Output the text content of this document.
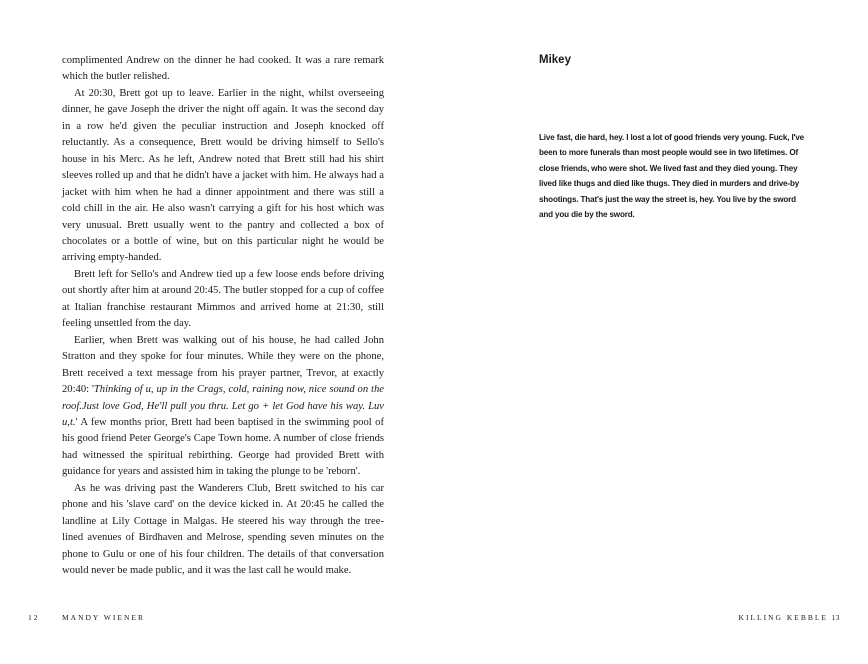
complimented Andrew on the dinner he had cooked. It was a rare remark which the butler relished.

At 20:30, Brett got up to leave. Earlier in the night, whilst overseeing dinner, he gave Joseph the driver the night off again. It was the second day in a row he'd given the peculiar instruction and Joseph knocked off reluctantly. As a consequence, Brett would be driving himself to Sello's house in his Merc. As he left, Andrew noted that Brett still had his shirt sleeves rolled up and that he didn't have a jacket with him. He always had a jacket with him when he had a dinner appointment and there was still a cold chill in the air. He also wasn't carrying a gift for his host which was very unusual. Brett usually went to the pantry and collected a box of chocolates or a bottle of wine, but on this particular night he would be arriving empty-handed.

Brett left for Sello's and Andrew tied up a few loose ends before driving out shortly after him at around 20:45. The butler stopped for a cup of coffee at Italian franchise restaurant Mimmos and arrived home at 21:30, still feeling unsettled from the day.

Earlier, when Brett was walking out of his house, he had called John Stratton and they spoke for four minutes. While they were on the phone, Brett received a text message from his prayer partner, Trevor, at exactly 20:40: 'Thinking of u, up in the Crags, cold, raining now, nice sound on the roof.Just love God, He'll pull you thru. Let go + let God have his way. Luv u,t.' A few months prior, Brett had been baptised in the swimming pool of his good friend Peter George's Cape Town home. A number of close friends had witnessed the spiritual rebirthing. George had provided Brett with guidance for years and assisted him in taking the plunge to be 'reborn'.

As he was driving past the Wanderers Club, Brett switched to his car phone and his 'slave card' on the device kicked in. At 20:45 he called the landline at Lily Cottage in Malgas. He steered his way through the tree-lined avenues of Birdhaven and Melrose, spending seven minutes on the phone to Gulu or one of his four children. The details of that conversation would never be made public, and it was the last call he would make.

12	MANDY WIENER
Mikey
Live fast, die hard, hey. I lost a lot of good friends very young. Fuck, I've been to more funerals than most people would see in two lifetimes. Of close friends, who were shot. We lived fast and they died young. They lived like thugs and died like thugs. They died in murders and drive-by shootings. That's just the way the street is, hey. You live by the sword and you die by the sword.
KILLING KEBBLE 13
